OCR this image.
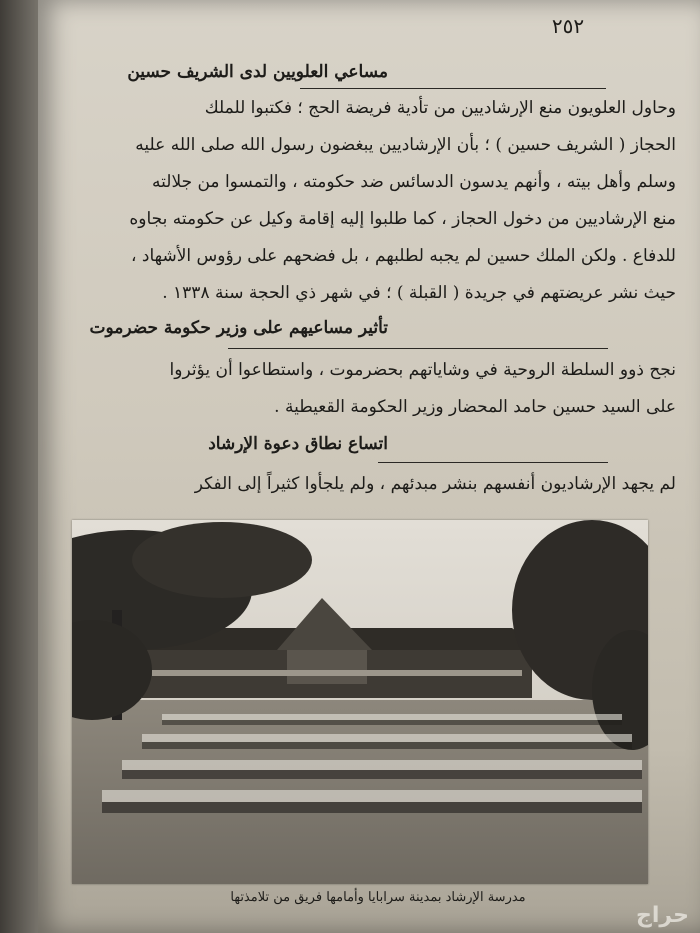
٢٥٢
مساعي العلويين لدى الشريف حسين
وحاول العلويون منع الإرشاديين من تأدية فريضة الحج ؛ فكتبوا للملك
الحجاز ( الشريف حسين ) ؛ بأن الإرشاديين يبغضون رسول الله صلى الله عليه
وسلم وأهل بيته ، وأنهم يدسون الدسائس ضد حكومته ، والتمسوا من جلالته
منع الإرشاديين من دخول الحجاز ، كما طلبوا إليه إقامة وكيل عن حكومته بجاوه
للدفاع . ولكن الملك حسين لم يجبه لطلبهم ، بل فضحهم على رؤوس الأشهاد ،
حيث نشر عريضتهم في جريدة ( القبلة ) ؛ في شهر ذي الحجة سنة ١٣٣٨ .
تأثير مساعيهم على وزير حكومة حضرموت
نجح ذوو السلطة الروحية في وشاياتهم بحضرموت ، واستطاعوا أن يؤثروا
على السيد حسين حامد المحضار وزير الحكومة القعيطية .
اتساع نطاق دعوة الإرشاد
لم يجهد الإرشاديون أنفسهم بنشر مبدئهم ، ولم يلجأوا كثيراً إلى الفكر
مدرسة الإرشاد بمدينة سرابايا وأمامها فريق من تلامذتها
حراج
